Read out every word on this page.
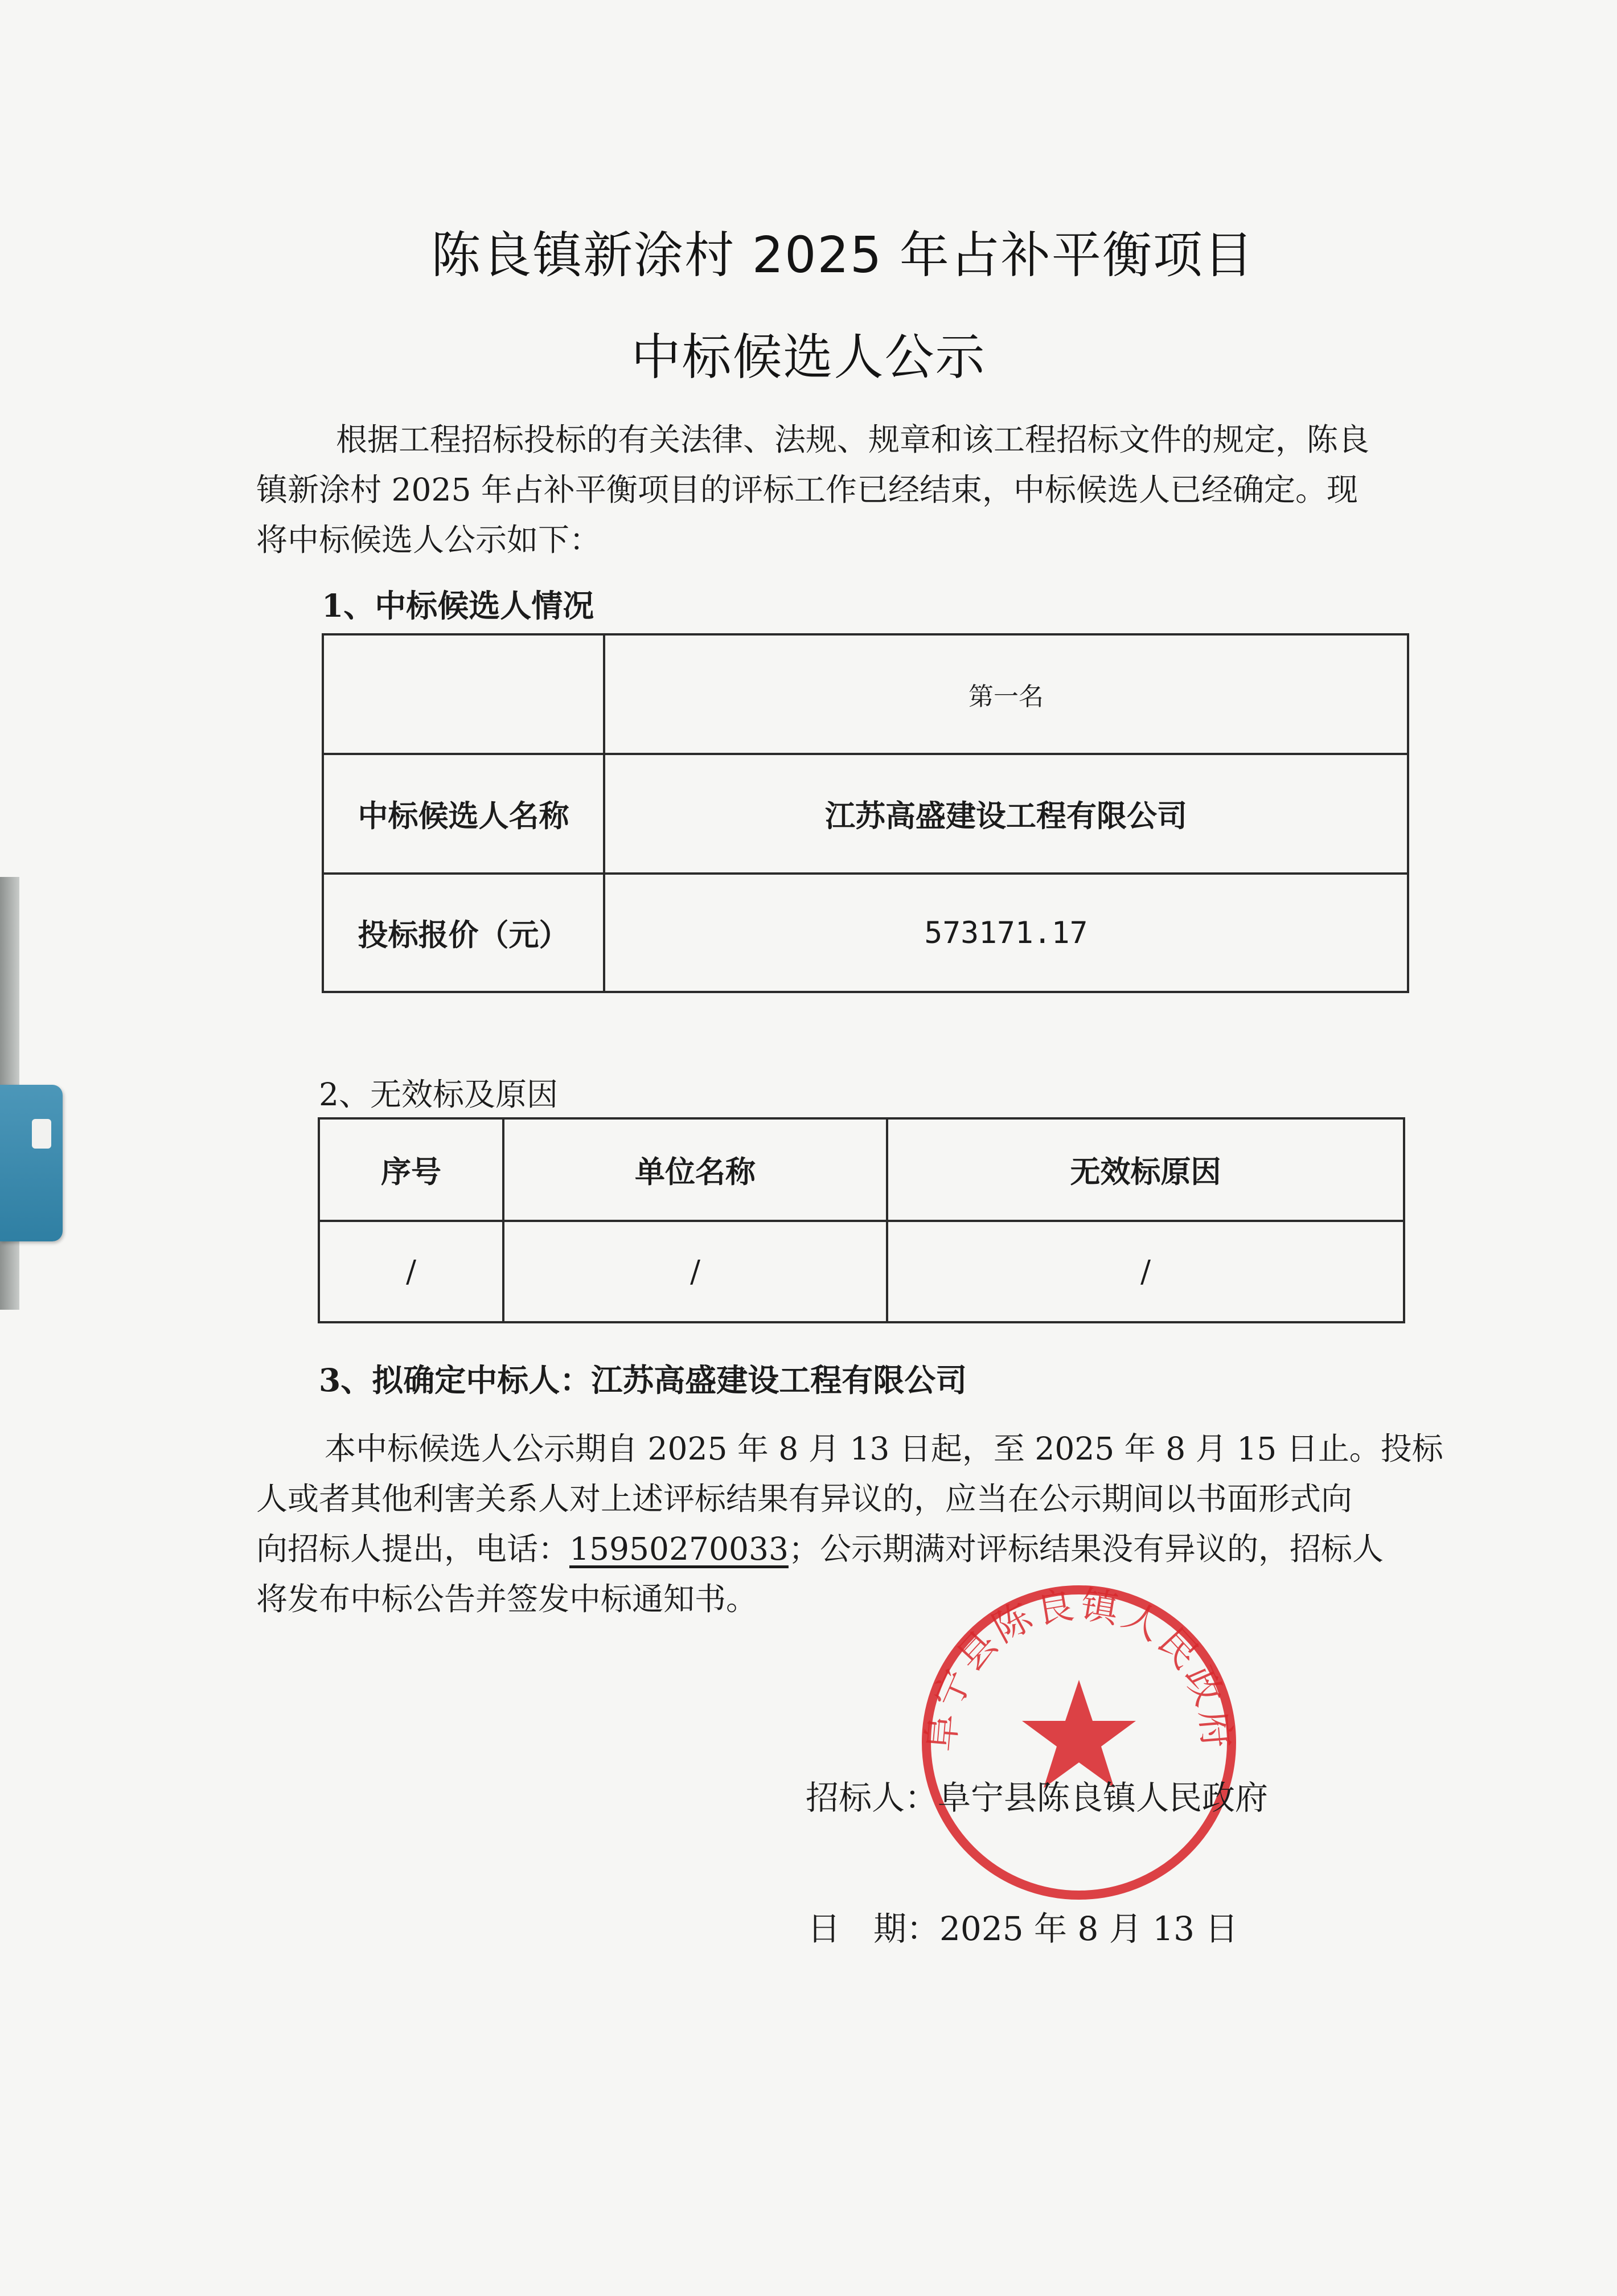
陈良镇新涂村 2025 年占补平衡项目
中标候选人公示
根据工程招标投标的有关法律、法规、规章和该工程招标文件的规定，陈良
镇新涂村 2025 年占补平衡项目的评标工作已经结束，中标候选人已经确定。现
将中标候选人公示如下：
1、中标候选人情况
	第一名
中标候选人名称	江苏高盛建设工程有限公司
投标报价（元）	573171.17
2、无效标及原因
序号	单位名称	无效标原因
/	/	/
3、拟确定中标人：江苏高盛建设工程有限公司
本中标候选人公示期自 2025 年 8 月 13 日起，至 2025 年 8 月 15 日止。投标
人或者其他利害关系人对上述评标结果有异议的，应当在公示期间以书面形式向
向招标人提出，电话：15950270033；公示期满对评标结果没有异议的，招标人
将发布中标公告并签发中标通知书。
阜宁县陈良镇人民政府
招标人：阜宁县陈良镇人民政府
日　期：2025 年 8 月 13 日
